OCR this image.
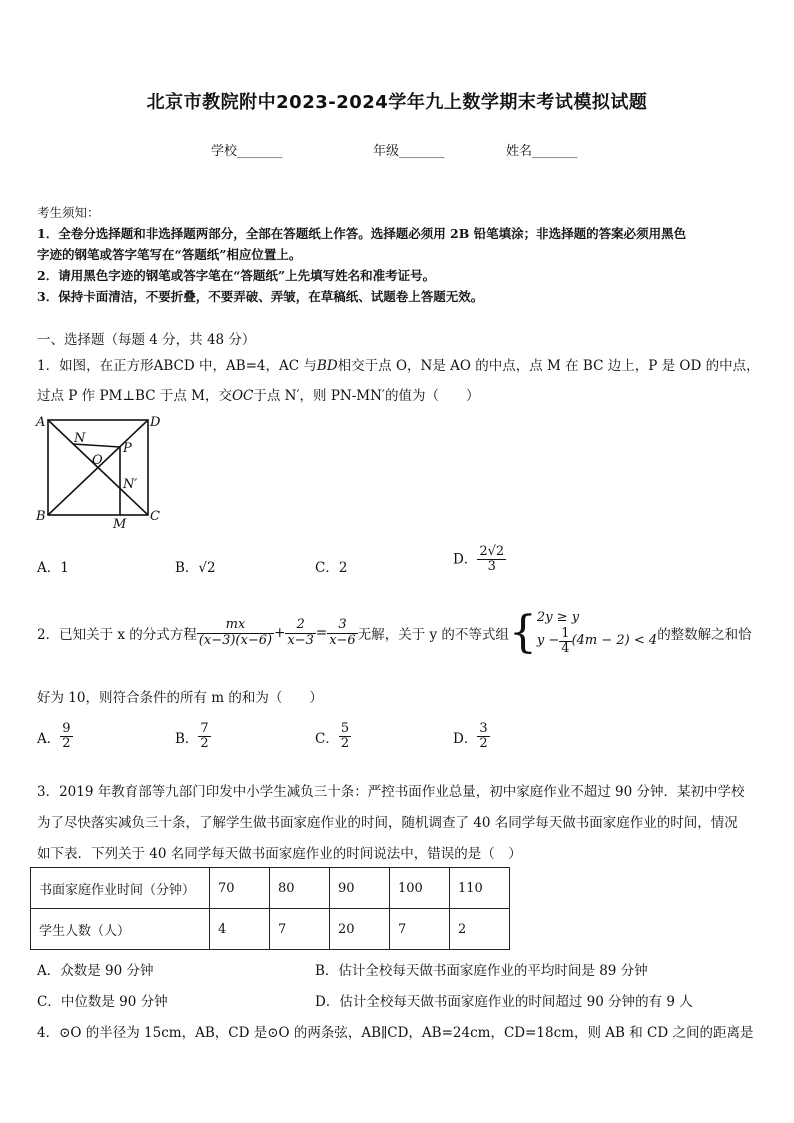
北京市教院附中2023-2024学年九上数学期末考试模拟试题
学校_______	年级_______	姓名_______
考生须知：
1．全卷分选择题和非选择题两部分，全部在答题纸上作答。选择题必须用 2B 铅笔填涂；非选择题的答案必须用黑色
字迹的钢笔或答字笔写在“答题纸”相应位置上。
2．请用黑色字迹的钢笔或答字笔在“答题纸”上先填写姓名和准考证号。
3．保持卡面清洁，不要折叠，不要弄破、弄皱，在草稿纸、试题卷上答题无效。
一、选择题（每题 4 分，共 48 分）
1．如图，在正方形ABCD 中，AB=4，AC 与BD相交于点 O，N是 AO 的中点，点 M 在 BC 边上，P 是 OD 的中点，
过点 P 作 PM⊥BC 于点 M，交OC于点 N′，则 PN-MN′的值为（　　）
A	D
B	C
N
O
P
N′
M
A．1	B．√2	C．2
D． $\frac{2√2}{3}$
2．已知关于 x 的分式方程 $\frac{mx}{(x-3)(x-6)} + \frac{2}{x-3} = \frac{3}{x-6}$ 无解，关于 y 的不等式组 { 2y ≥ y
$y - \frac{1}{4} (4m - 2) < 4$ 的整数解之和恰
好为 10，则符合条件的所有 m 的和为（　　）
A． $\frac{9}{2}$	B． $\frac{7}{2}$	C． $\frac{5}{2}$	D． $\frac{3}{2}$
3．2019 年教育部等九部门印发中小学生减负三十条：严控书面作业总量，初中家庭作业不超过 90 分钟．某初中学校
为了尽快落实减负三十条，了解学生做书面家庭作业的时间，随机调查了 40 名同学每天做书面家庭作业的时间，情况
如下表．下列关于 40 名同学每天做书面家庭作业的时间说法中，错误的是（　）
书面家庭作业时间（分钟）	70	80	90	100	110
学生人数（人）	4	7	20	7	2
A．众数是 90 分钟	B．估计全校每天做书面家庭作业的平均时间是 89 分钟
C．中位数是 90 分钟	D．估计全校每天做书面家庭作业的时间超过 90 分钟的有 9 人
4．⊙O 的半径为 15cm，AB，CD 是⊙O 的两条弦，AB∥CD，AB=24cm，CD=18cm，则 AB 和 CD 之间的距离是
